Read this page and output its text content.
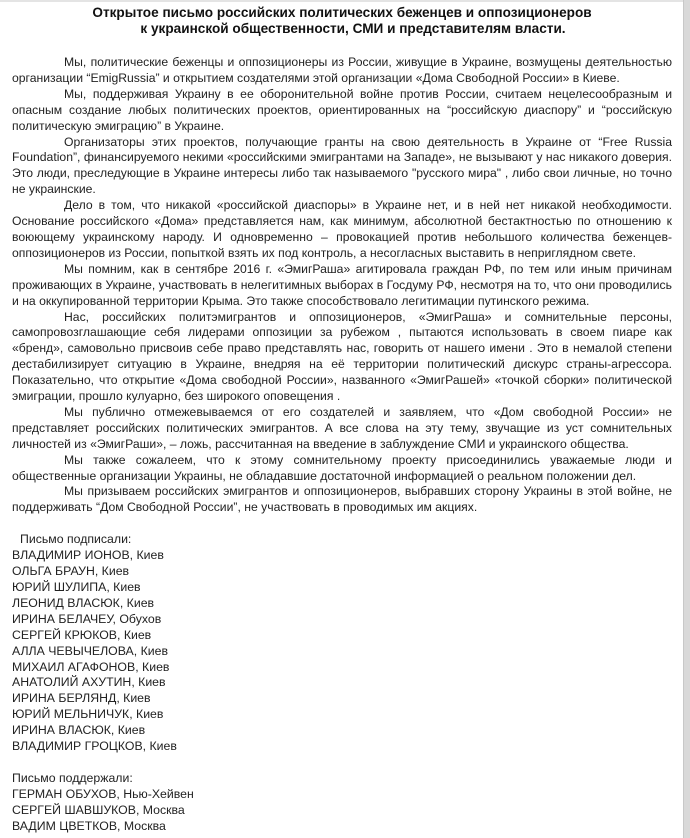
Открытое письмо российских политических беженцев и оппозиционеров
к украинской общественности, СМИ и представителям власти.

Мы, политические беженцы и оппозиционеры из России, живущие в Украине, возмущены деятельностью организации “EmigRussia” и открытием создателями этой организации «Дома Свободной России» в Киеве.

Мы, поддерживая Украину в ее оборонительной войне против России, считаем нецелесообразным и опасным создание любых политических проектов, ориентированных на “российскую диаспору” и “российскую политическую эмиграцию” в Украине.

Организаторы этих проектов, получающие гранты на свою деятельность в Украине от “Free Russia Foundation”, финансируемого некими «российскими эмигрантами на Западе», не вызывают у нас никакого доверия. Это люди, преследующие в Украине интересы либо так называемого "русского мира" , либо свои личные, но точно не украинские.

Дело в том, что никакой «российской диаспоры» в Украине нет, и в ней нет никакой необходимости. Основание российского «Дома» представляется нам, как минимум, абсолютной бестактностью по отношению к воюющему украинскому народу. И одновременно – провокацией против небольшого количества беженцев-оппозиционеров из России, попыткой взять их под контроль, а несогласных выставить в неприглядном свете.

Мы помним, как в сентябре 2016 г. «ЭмигРаша» агитировала граждан РФ, по тем или иным причинам проживающих в Украине, участвовать в нелегитимных выборах в Госдуму РФ, несмотря на то, что они проводились и на оккупированной территории Крыма. Это также способствовало легитимации путинского режима.

Нас, российских политэмигрантов и оппозиционеров, «ЭмигРаша» и сомнительные персоны, самопровозглашающие себя лидерами оппозиции за рубежом , пытаются использовать в своем пиаре как «бренд», самовольно присвоив себе право представлять нас, говорить от нашего имени . Это в немалой степени дестабилизирует ситуацию в Украине, внедряя на её территории политический дискурс страны-агрессора. Показательно, что открытие «Дома свободной России», названного «ЭмигРашей» «точкой сборки» политической эмиграции, прошло кулуарно, без широкого оповещения .

Мы публично отмежевываемся от его создателей и заявляем, что «Дом свободной России» не представляет российских политических эмигрантов. А все слова на эту тему, звучащие из уст сомнительных личностей из «ЭмигРаши», – ложь, рассчитанная на введение в заблуждение СМИ и украинского общества.

Мы также сожалеем, что к этому сомнительному проекту присоединились уважаемые люди и общественные организации Украины, не обладавшие достаточной информацией о реальном положении дел.

Мы призываем российских эмигрантов и оппозиционеров, выбравших сторону Украины в этой войне, не поддерживать “Дом Свободной России”, не участвовать в проводимых им акциях.

Письмо подписали:
ВЛАДИМИР ИОНОВ, Киев
ОЛЬГА БРАУН, Киев
ЮРИЙ ШУЛИПА, Киев
ЛЕОНИД ВЛАСЮК, Киев
ИРИНА БЕЛАЧЕУ, Обухов
СЕРГЕЙ КРЮКОВ, Киев
АЛЛА ЧЕВЫЧЕЛОВА, Киев
МИХАИЛ АГАФОНОВ, Киев
АНАТОЛИЙ АХУТИН, Киев
ИРИНА БЕРЛЯНД, Киев
ЮРИЙ МЕЛЬНИЧУК, Киев
ИРИНА ВЛАСЮК, Киев
ВЛАДИМИР ГРОЦКОВ, Киев
Письмо поддержали:
ГЕРМАН ОБУХОВ, Нью-Хейвен
СЕРГЕЙ ШАВШУКОВ, Москва
ВАДИМ ЦВЕТКОВ, Москва
